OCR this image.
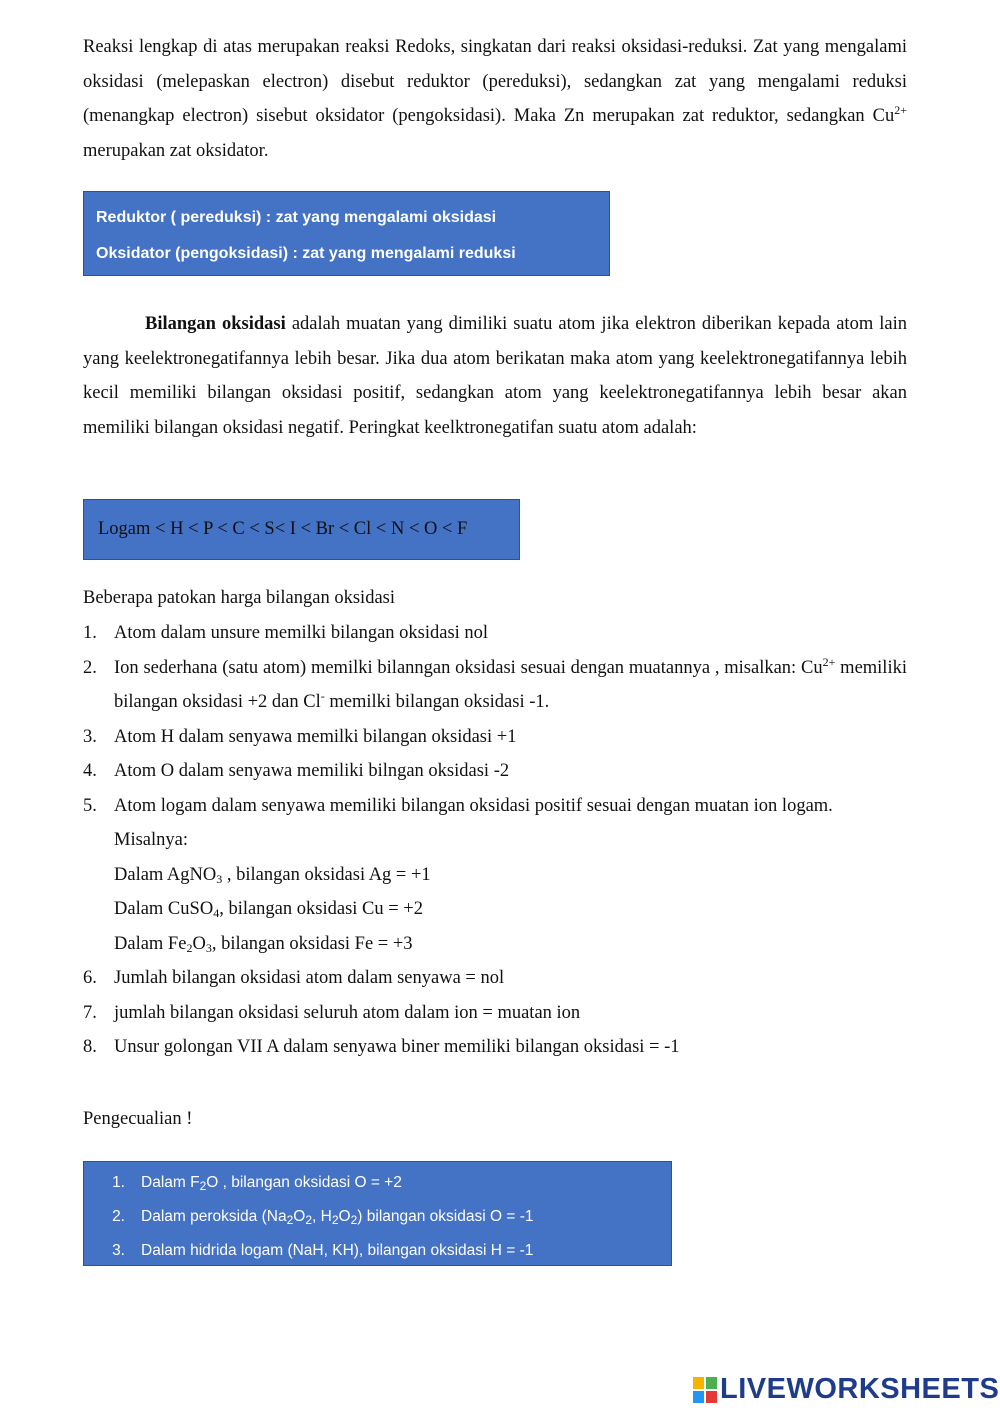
Reaksi lengkap di atas merupakan reaksi Redoks, singkatan dari reaksi oksidasi-reduksi. Zat yang mengalami oksidasi (melepaskan electron) disebut reduktor (pereduksi), sedangkan zat yang mengalami reduksi (menangkap electron) sisebut oksidator (pengoksidasi). Maka Zn merupakan zat reduktor, sedangkan $Cu^{2+}$ merupakan zat oksidator.

Reduktor ( pereduksi) : zat yang mengalami oksidasi
Oksidator (pengoksidasi) : zat yang mengalami reduksi

Bilangan oksidasi adalah muatan yang dimiliki suatu atom jika elektron diberikan kepada atom lain yang keelektronegatifannya lebih besar. Jika dua atom berikatan maka atom yang keelektronegatifannya lebih kecil memiliki bilangan oksidasi positif, sedangkan atom yang keelektronegatifannya lebih besar akan memiliki bilangan oksidasi negatif. Peringkat keelktronegatifan suatu atom adalah:

Logam < H < P < C < S< I < Br < Cl < N < O < F
Beberapa patokan harga bilangan oksidasi
1. Atom dalam unsure memilki bilangan oksidasi nol
2. Ion sederhana (satu atom) memilki bilanngan oksidasi sesuai dengan muatannya , misalkan: $Cu^{2+}$ memiliki bilangan oksidasi +2 dan Cl- memilki bilangan oksidasi -1.
3. Atom H dalam senyawa memilki bilangan oksidasi +1
4. Atom O dalam senyawa memiliki bilngan oksidasi -2
5. Atom logam dalam senyawa memiliki bilangan oksidasi positif sesuai dengan muatan ion logam.
Misalnya:
Dalam AgNO$_3$ , bilangan oksidasi Ag = +1
Dalam CuSO$_4$, bilangan oksidasi Cu = +2
Dalam $Fe_2O_3$, bilangan oksidasi Fe = +3
6. Jumlah bilangan oksidasi atom dalam senyawa = nol
7. jumlah bilangan oksidasi seluruh atom dalam ion = muatan ion
8. Unsur golongan VII A dalam senyawa biner memiliki bilangan oksidasi = -1
Pengecualian !
1.	Dalam $F_2O$ , bilangan oksidasi O = +2
2.	Dalam peroksida ($Na_2O_2$, $H_2O_2$) bilangan oksidasi O = -1
3.	Dalam hidrida logam (NaH, KH), bilangan oksidasi H = -1
LIVEWORKSHEETS
